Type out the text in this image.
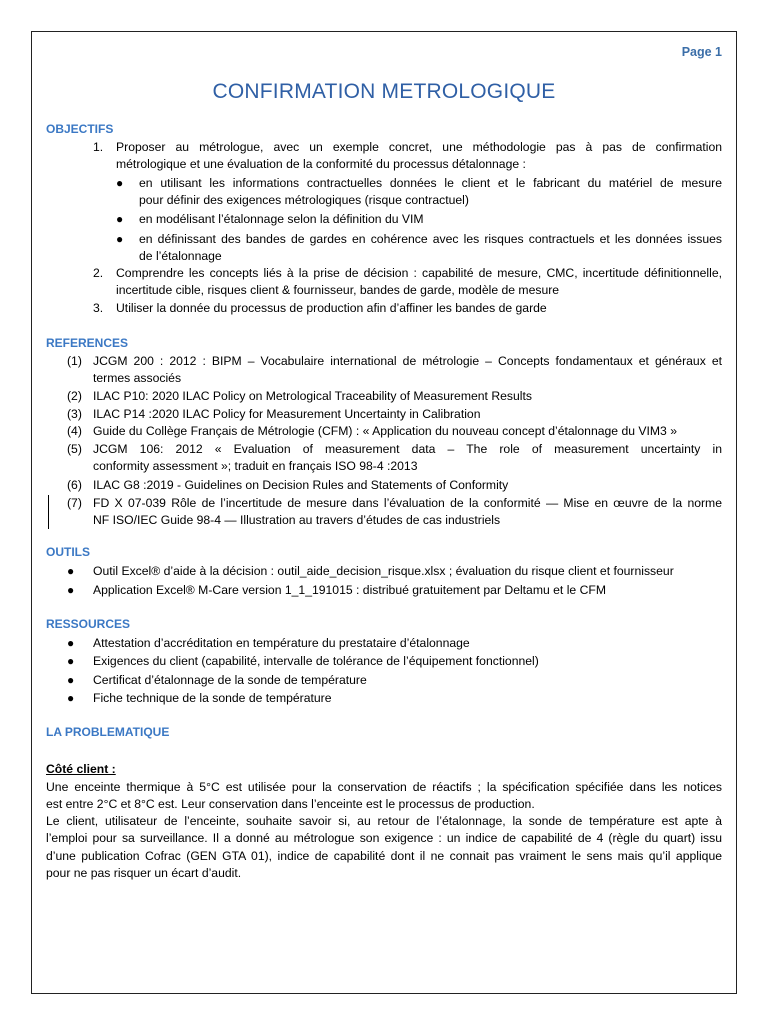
Page 1
CONFIRMATION METROLOGIQUE
OBJECTIFS
1. Proposer au métrologue, avec un exemple concret, une méthodologie pas à pas de confirmation
métrologique et une évaluation de la conformité du processus détalonnage :
● en utilisant les informations contractuelles données le client et le fabricant du matériel de mesure
pour définir des exigences métrologiques (risque contractuel)
● en modélisant l’étalonnage selon la définition du VIM
● en définissant des bandes de gardes en cohérence avec les risques contractuels et les données issues
de l’étalonnage
2. Comprendre les concepts liés à la prise de décision : capabilité de mesure, CMC, incertitude définitionnelle,
incertitude cible, risques client & fournisseur, bandes de garde, modèle de mesure
3. Utiliser la donnée du processus de production afin d’affiner les bandes de garde
REFERENCES
(1) JCGM 200 : 2012 : BIPM – Vocabulaire international de métrologie – Concepts fondamentaux et généraux et
termes associés
(2) ILAC P10: 2020 ILAC Policy on Metrological Traceability of Measurement Results
(3) ILAC P14 :2020 ILAC Policy for Measurement Uncertainty in Calibration
(4) Guide du Collège Français de Métrologie (CFM) : « Application du nouveau concept d’étalonnage du VIM3 »
(5) JCGM 106: 2012 « Evaluation of measurement data – The role of measurement uncertainty in
conformity assessment »; traduit en français ISO 98-4 :2013
(6) ILAC G8 :2019 - Guidelines on Decision Rules and Statements of Conformity
(7) FD X 07-039 Rôle de l’incertitude de mesure dans l’évaluation de la conformité — Mise en œuvre de la norme
NF ISO/IEC Guide 98-4 — Illustration au travers d’études de cas industriels
OUTILS
● Outil Excel® d’aide à la décision : outil_aide_decision_risque.xlsx ; évaluation du risque client et fournisseur
● Application Excel® M-Care version 1_1_191015 : distribué gratuitement par Deltamu et le CFM
RESSOURCES
● Attestation d’accréditation en température du prestataire d’étalonnage
● Exigences du client (capabilité, intervalle de tolérance de l’équipement fonctionnel)
● Certificat d’étalonnage de la sonde de température
● Fiche technique de la sonde de température
LA PROBLEMATIQUE
Côté client :
Une enceinte thermique à 5°C est utilisée pour la conservation de réactifs ; la spécification spécifiée dans les notices
est entre 2°C et 8°C est. Leur conservation dans l’enceinte est le processus de production.
Le client, utilisateur de l’enceinte, souhaite savoir si, au retour de l’étalonnage, la sonde de température est apte à
l’emploi pour sa surveillance. Il a donné au métrologue son exigence : un indice de capabilité de 4 (règle du quart) issu
d’une publication Cofrac (GEN GTA 01), indice de capabilité dont il ne connait pas vraiment le sens mais qu’il applique
pour ne pas risquer un écart d’audit.
